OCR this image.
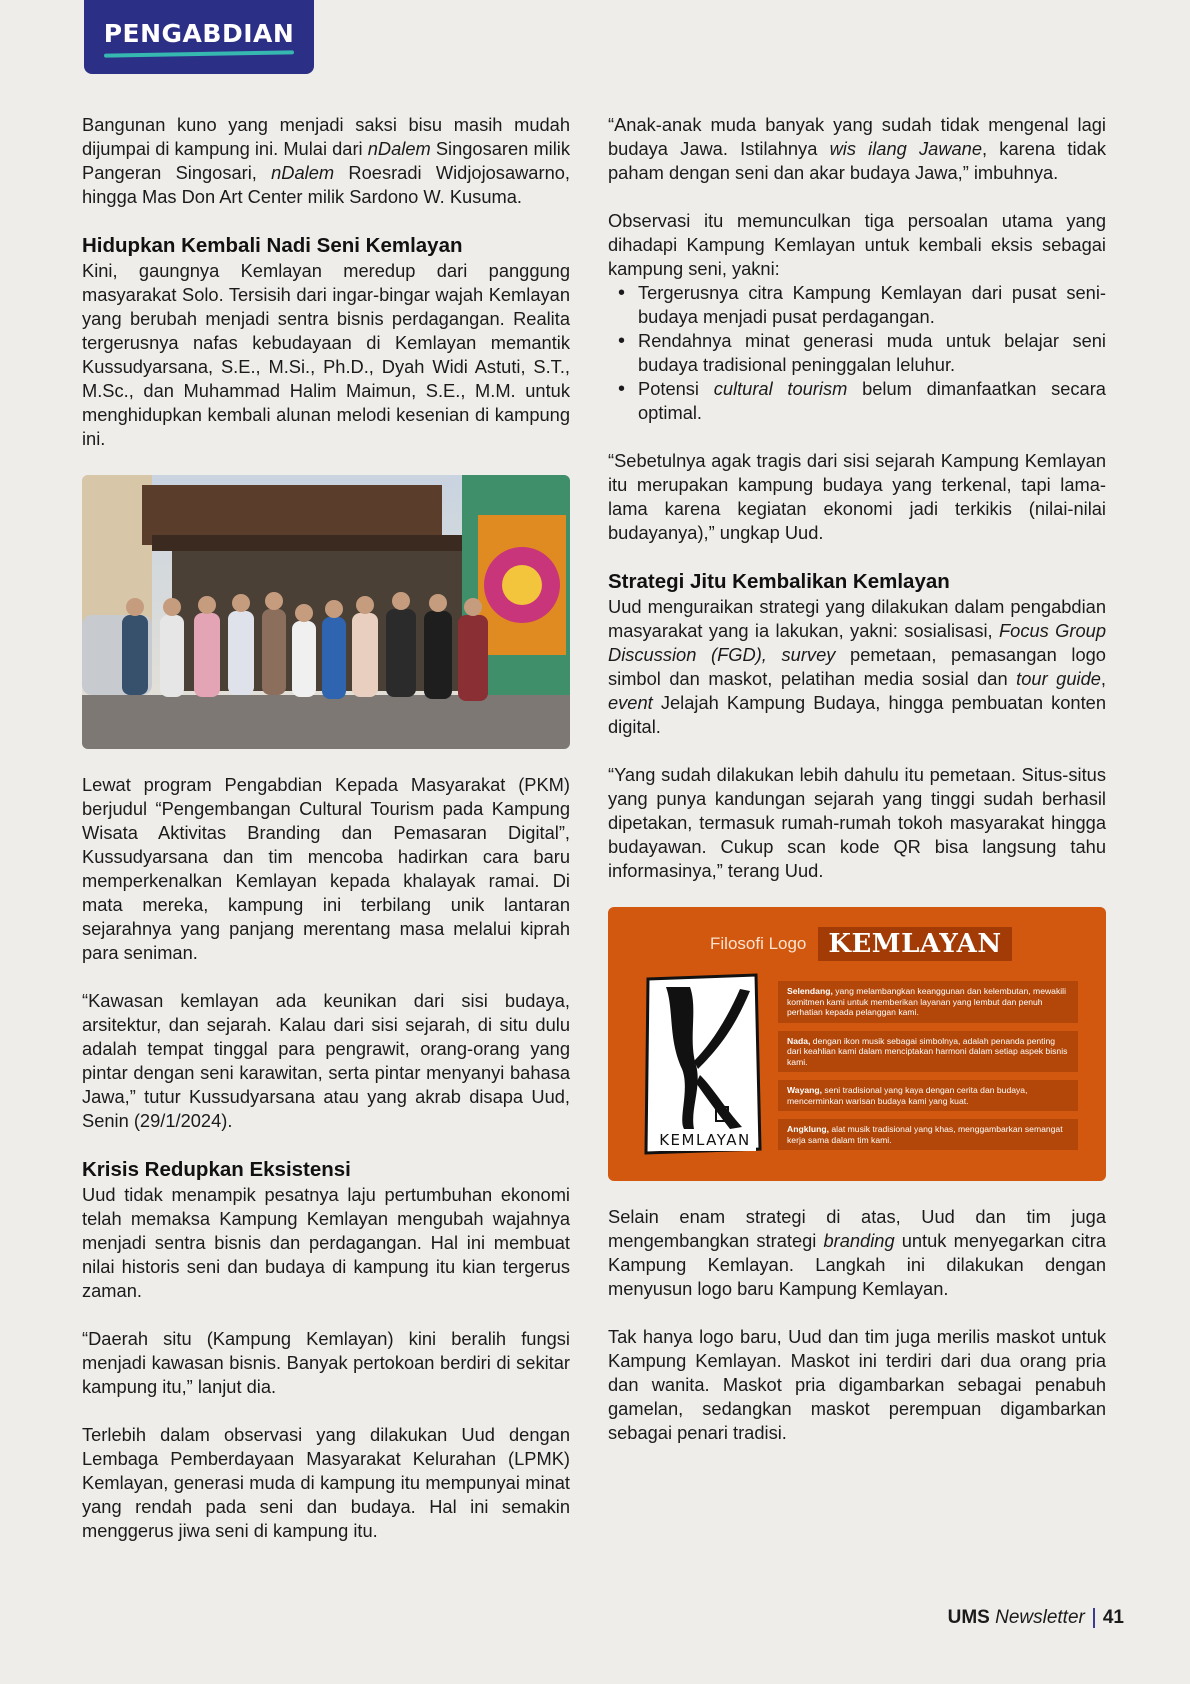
PENGABDIAN

Bangunan kuno yang menjadi saksi bisu masih mudah dijumpai di kampung ini. Mulai dari nDalem Singosaren milik Pangeran Singosari, nDalem Roesradi Widjojosawarno, hingga Mas Don Art Center milik Sardono W. Kusuma.

Hidupkan Kembali Nadi Seni Kemlayan

Kini, gaungnya Kemlayan meredup dari panggung masyarakat Solo. Tersisih dari ingar-bingar wajah Kemlayan yang berubah menjadi sentra bisnis perdagangan. Realita tergerusnya nafas kebudayaan di Kemlayan memantik Kussudyarsana, S.E., M.Si., Ph.D., Dyah Widi Astuti, S.T., M.Sc., dan Muhammad Halim Maimun, S.E., M.M. untuk menghidupkan kembali alunan melodi kesenian di kampung ini.

Lewat program Pengabdian Kepada Masyarakat (PKM) berjudul “Pengembangan Cultural Tourism pada Kampung Wisata Aktivitas Branding dan Pemasaran Digital”, Kussudyarsana dan tim mencoba hadirkan cara baru memperkenalkan Kemlayan kepada khalayak ramai. Di mata mereka, kampung ini terbilang unik lantaran sejarahnya yang panjang merentang masa melalui kiprah para seniman.

“Kawasan kemlayan ada keunikan dari sisi budaya, arsitektur, dan sejarah. Kalau dari sisi sejarah, di situ dulu adalah tempat tinggal para pengrawit, orang-orang yang pintar dengan seni karawitan, serta pintar menyanyi bahasa Jawa,” tutur Kussudyarsana atau yang akrab disapa Uud, Senin (29/1/2024).

Krisis Redupkan Eksistensi

Uud tidak menampik pesatnya laju pertumbuhan ekonomi telah memaksa Kampung Kemlayan mengubah wajahnya menjadi sentra bisnis dan perdagangan. Hal ini membuat nilai historis seni dan budaya di kampung itu kian tergerus zaman.

“Daerah situ (Kampung Kemlayan) kini beralih fungsi menjadi kawasan bisnis. Banyak pertokoan berdiri di sekitar kampung itu,” lanjut dia.

Terlebih dalam observasi yang dilakukan Uud dengan Lembaga Pemberdayaan Masyarakat Kelurahan (LPMK) Kemlayan, generasi muda di kampung itu mempunyai minat yang rendah pada seni dan budaya. Hal ini semakin menggerus jiwa seni di kampung itu.

“Anak-anak muda banyak yang sudah tidak mengenal lagi budaya Jawa. Istilahnya wis ilang Jawane, karena tidak paham dengan seni dan akar budaya Jawa,” imbuhnya.

Observasi itu memunculkan tiga persoalan utama yang dihadapi Kampung Kemlayan untuk kembali eksis sebagai kampung seni, yakni:

• Tergerusnya citra Kampung Kemlayan dari pusat seni-budaya menjadi pusat perdagangan.
• Rendahnya minat generasi muda untuk belajar seni budaya tradisional peninggalan leluhur.
• Potensi cultural tourism belum dimanfaatkan secara optimal.

“Sebetulnya agak tragis dari sisi sejarah Kampung Kemlayan itu merupakan kampung budaya yang terkenal, tapi lama-lama karena kegiatan ekonomi jadi terkikis (nilai-nilai budayanya),” ungkap Uud.

Strategi Jitu Kembalikan Kemlayan

Uud menguraikan strategi yang dilakukan dalam pengabdian masyarakat yang ia lakukan, yakni: sosialisasi, Focus Group Discussion (FGD), survey pemetaan, pemasangan logo simbol dan maskot, pelatihan media sosial dan tour guide, event Jelajah Kampung Budaya, hingga pembuatan konten digital.

“Yang sudah dilakukan lebih dahulu itu pemetaan. Situs-situs yang punya kandungan sejarah yang tinggi sudah berhasil dipetakan, termasuk rumah-rumah tokoh masyarakat hingga budayawan. Cukup scan kode QR bisa langsung tahu informasinya,” terang Uud.

Filosofi Logo KEMLAYAN
KEMLAYAN
Selendang, yang melambangkan keanggunan dan kelembutan, mewakili komitmen kami untuk memberikan layanan yang lembut dan penuh perhatian kepada pelanggan kami.
Nada, dengan ikon musik sebagai simbolnya, adalah penanda penting dari keahlian kami dalam menciptakan harmoni dalam setiap aspek bisnis kami.
Wayang, seni tradisional yang kaya dengan cerita dan budaya, mencerminkan warisan budaya kami yang kuat.
Angklung, alat musik tradisional yang khas, menggambarkan semangat kerja sama dalam tim kami.

Selain enam strategi di atas, Uud dan tim juga mengembangkan strategi branding untuk menyegarkan citra Kampung Kemlayan. Langkah ini dilakukan dengan menyusun logo baru Kampung Kemlayan.

Tak hanya logo baru, Uud dan tim juga merilis maskot untuk Kampung Kemlayan. Maskot ini terdiri dari dua orang pria dan wanita. Maskot pria digambarkan sebagai penabuh gamelan, sedangkan maskot perempuan digambarkan sebagai penari tradisi.

UMS Newsletter 41
